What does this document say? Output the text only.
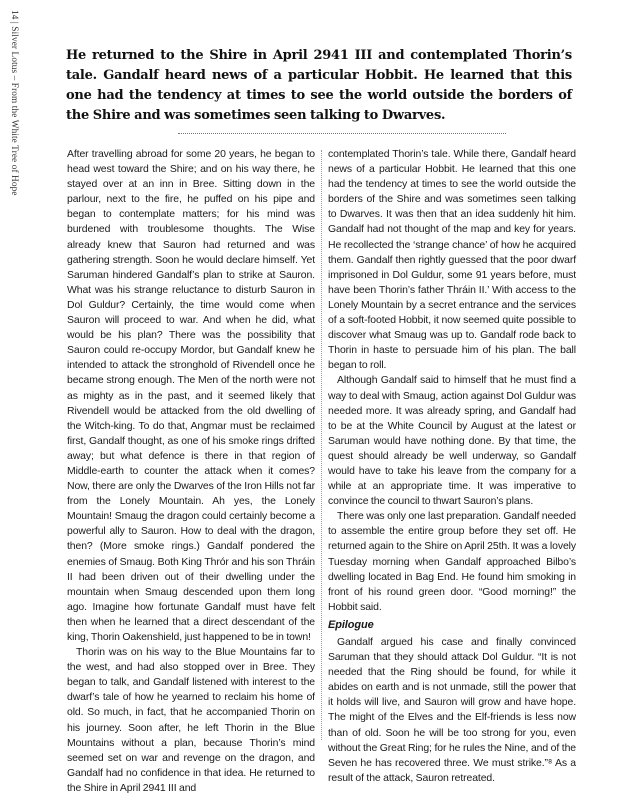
14 | Silver Lotus – From the White Tree of Hope	He returned to the Shire in April 2941 III and contemplated Thorin’s tale. Gandalf heard news of a particular Hobbit. He learned that this one had the tendency at times to see the world outside the borders of the Shire and was sometimes seen talking to Dwarves.

After travelling abroad for some 20 years, he began to head west toward the Shire; and on his way there, he stayed over at an inn in Bree. Sitting down in the parlour, next to the fire, he puffed on his pipe and began to contemplate matters; for his mind was burdened with troublesome thoughts. The Wise already knew that Sauron had returned and was gathering strength. Soon he would declare himself. Yet Saruman hindered Gandalf’s plan to strike at Sauron. What was his strange reluctance to disturb Sauron in Dol Guldur? Certainly, the time would come when Sauron will proceed to war. And when he did, what would be his plan? There was the possibility that Sauron could re-occupy Mordor, but Gandalf knew he intended to attack the stronghold of Rivendell once he became strong enough. The Men of the north were not as mighty as in the past, and it seemed likely that Rivendell would be attacked from the old dwelling of the Witch-king. To do that, Angmar must be reclaimed first, Gandalf thought, as one of his smoke rings drifted away; but what defence is there in that region of Middle-earth to counter the attack when it comes? Now, there are only the Dwarves of the Iron Hills not far from the Lonely Mountain. Ah yes, the Lonely Mountain! Smaug the dragon could certainly become a powerful ally to Sauron. How to deal with the dragon, then? (More smoke rings.) Gandalf pondered the enemies of Smaug. Both King Thrór and his son Thráin II had been driven out of their dwelling under the mountain when Smaug descended upon them long ago. Imagine how fortunate Gandalf must have felt then when he learned that a direct descendant of the king, Thorin Oakenshield, just happened to be in town!

Thorin was on his way to the Blue Mountains far to the west, and had also stopped over in Bree. They began to talk, and Gandalf listened with interest to the dwarf’s tale of how he yearned to reclaim his home of old. So much, in fact, that he accompanied Thorin on his journey. Soon after, he left Thorin in the Blue Mountains without a plan, because Thorin’s mind seemed set on war and revenge on the dragon, and Gandalf had no confidence in that idea. He returned to the Shire in April 2941 III and

contemplated Thorin’s tale. While there, Gandalf heard news of a particular Hobbit. He learned that this one had the tendency at times to see the world outside the borders of the Shire and was sometimes seen talking to Dwarves. It was then that an idea suddenly hit him. Gandalf had not thought of the map and key for years. He recollected the ‘strange chance’ of how he acquired them. Gandalf then rightly guessed that the poor dwarf imprisoned in Dol Guldur, some 91 years before, must have been Thorin’s father Thráin II.’ With access to the Lonely Mountain by a secret entrance and the services of a soft-footed Hobbit, it now seemed quite possible to discover what Smaug was up to. Gandalf rode back to Thorin in haste to persuade him of his plan. The ball began to roll.

Although Gandalf said to himself that he must find a way to deal with Smaug, action against Dol Guldur was needed more. It was already spring, and Gandalf had to be at the White Council by August at the latest or Saruman would have nothing done. By that time, the quest should already be well underway, so Gandalf would have to take his leave from the company for a while at an appropriate time. It was imperative to convince the council to thwart Sauron’s plans.

There was only one last preparation. Gandalf needed to assemble the entire group before they set off. He returned again to the Shire on April 25th. It was a lovely Tuesday morning when Gandalf approached Bilbo’s dwelling located in Bag End. He found him smoking in front of his round green door. “Good morning!” the Hobbit said.

Epilogue

Gandalf argued his case and finally convinced Saruman that they should attack Dol Guldur. “It is not needed that the Ring should be found, for while it abides on earth and is not unmade, still the power that it holds will live, and Sauron will grow and have hope. The might of the Elves and the Elf-friends is less now than of old. Soon he will be too strong for you, even without the Great Ring; for he rules the Nine, and of the Seven he has recovered three. We must strike.”⁸ As a result of the attack, Sauron retreated.
